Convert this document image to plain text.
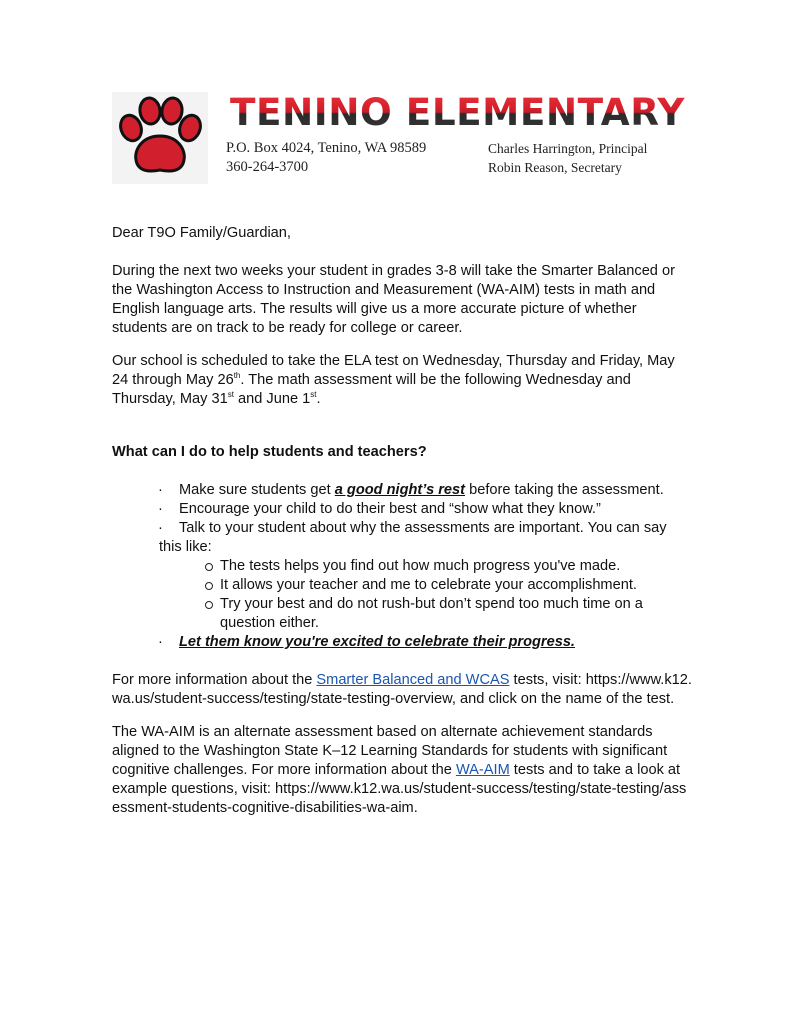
TENINO ELEMENTARY
P.O. Box 4024, Tenino, WA 98589
360-264-3700
Charles Harrington, Principal
Robin Reason, Secretary

Dear T9O Family/Guardian,

During the next two weeks your student in grades 3-8 will take the Smarter Balanced or the Washington Access to Instruction and Measurement (WA-AIM) tests in math and English language arts. The results will give us a more accurate picture of whether students are on track to be ready for college or career.

Our school is scheduled to take the ELA test on Wednesday, Thursday and Friday, May 24 through May 26th. The math assessment will be the following Wednesday and Thursday, May 31st and June 1st.

What can I do to help students and teachers?

· Make sure students get a good night’s rest before taking the assessment.
· Encourage your child to do their best and “show what they know.”
· Talk to your student about why the assessments are important. You can say this like:
The tests helps you find out how much progress you've made.
It allows your teacher and me to celebrate your accomplishment.
Try your best and do not rush-but don’t spend too much time on a question either.
· Let them know you're excited to celebrate their progress.

For more information about the Smarter Balanced and WCAS tests, visit: https://www.k12.wa.us/student-success/testing/state-testing-overview, and click on the name of the test.

The WA-AIM is an alternate assessment based on alternate achievement standards aligned to the Washington State K–12 Learning Standards for students with significant cognitive challenges. For more information about the WA-AIM tests and to take a look at example questions, visit: https://www.k12.wa.us/student-success/testing/state-testing/assessment-students-cognitive-disabilities-wa-aim.
